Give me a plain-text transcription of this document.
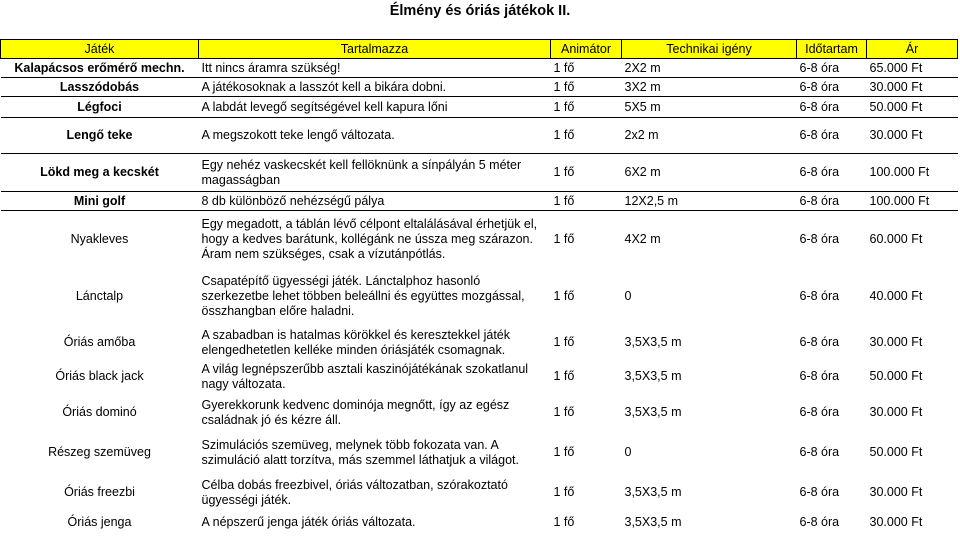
Élmény és óriás játékok II.
Játék	Tartalmazza	Animátor	Technikai igény	Időtartam	Ár
Kalapácsos erőmérő mechn.	Itt nincs áramra szükség!	1 fő	2X2 m	6-8 óra	65.000 Ft
Lasszódobás	A játékosoknak a lasszót kell a bikára dobni.	1 fő	3X2 m	6-8 óra	30.000 Ft
Légfoci	A labdát levegő segítségével kell kapura lőni	1 fő	5X5 m	6-8 óra	50.000 Ft
Lengő teke	A megszokott teke lengő változata.	1 fő	2x2 m	6-8 óra	30.000 Ft
Lökd meg a kecskét	Egy nehéz vaskecskét kell fellöknünk a sínpályán 5 méter magasságban	1 fő	6X2 m	6-8 óra	100.000 Ft
Mini golf	8 db különböző nehézségű pálya	1 fő	12X2,5 m	6-8 óra	100.000 Ft
Nyakleves	Egy megadott, a táblán lévő célpont eltalálásával érhetjük el, hogy a kedves barátunk, kollégánk ne ússza meg szárazon. Áram nem szükséges, csak a vízutánpótlás.	1 fő	4X2 m	6-8 óra	60.000 Ft
Lánctalp	Csapatépítő ügyességi játék. Lánctalphoz hasonló szerkezetbe lehet többen beleállni és együttes mozgással, összhangban előre haladni.	1 fő	0	6-8 óra	40.000 Ft
Óriás amőba	A szabadban is hatalmas körökkel és keresztekkel játék elengedhetetlen kelléke minden óriásjáték csomagnak.	1 fő	3,5X3,5 m	6-8 óra	30.000 Ft
Óriás black jack	A világ legnépszerűbb asztali kaszinójátékának szokatlanul nagy változata.	1 fő	3,5X3,5 m	6-8 óra	50.000 Ft
Óriás dominó	Gyerekkorunk kedvenc dominója megnőtt, így az egész családnak jó és kézre áll.	1 fő	3,5X3,5 m	6-8 óra	30.000 Ft
Részeg szemüveg	Szimulációs szemüveg, melynek több fokozata van. A szimuláció alatt torzítva, más szemmel láthatjuk a világot.	1 fő	0	6-8 óra	50.000 Ft
Óriás freezbi	Célba dobás freezbivel, óriás változatban, szórakoztató ügyességi játék.	1 fő	3,5X3,5 m	6-8 óra	30.000 Ft
Óriás jenga	A népszerű jenga játék óriás változata.	1 fő	3,5X3,5 m	6-8 óra	30.000 Ft
